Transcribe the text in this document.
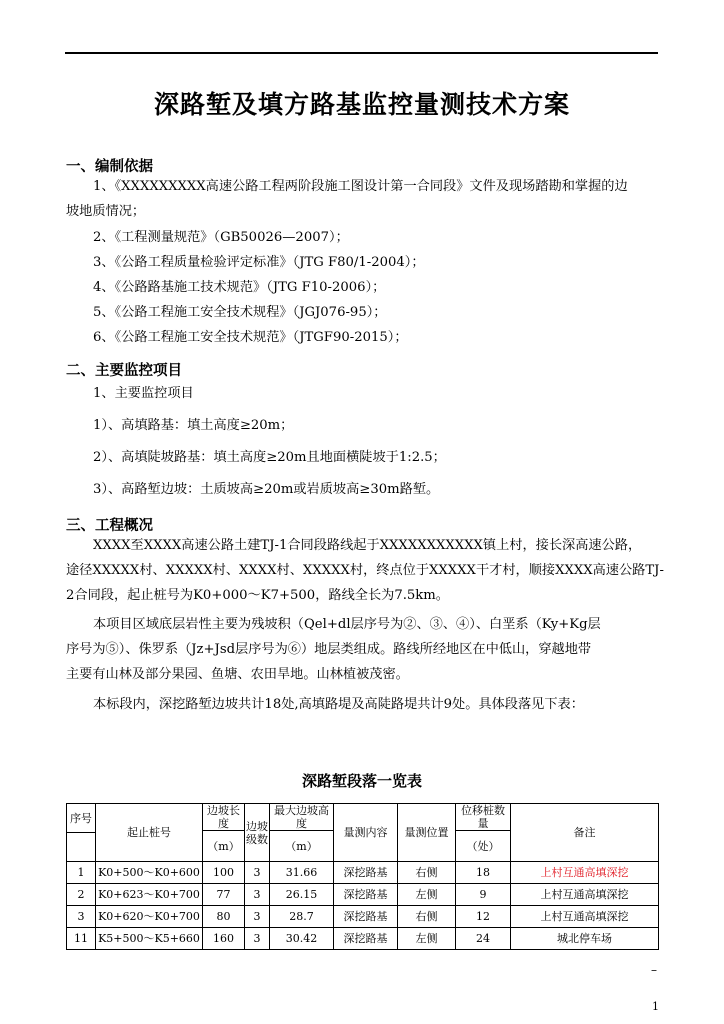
深路堑及填方路基监控量测技术方案
一、编制依据
1、《XXXXXXXXX高速公路工程两阶段施工图设计第一合同段》文件及现场踏勘和掌握的边
坡地质情况；
2、《工程测量规范》（GB50026—2007）；
3、《公路工程质量检验评定标准》（JTG F80/1-2004）；
4、《公路路基施工技术规范》（JTG F10-2006）；
5、《公路工程施工安全技术规程》（JGJ076-95）；
6、《公路工程施工安全技术规范》（JTGF90-2015）；
二、主要监控项目
1、主要监控项目
1）、高填路基：填土高度≥20m；
2）、高填陡坡路基：填土高度≥20m且地面横陡坡于1:2.5；
3）、高路堑边坡：土质坡高≥20m或岩质坡高≥30m路堑。
三、工程概况
XXXX至XXXX高速公路土建TJ-1合同段路线起于XXXXXXXXXXX镇上村，接长深高速公路，
途径XXXXX村、XXXXX村、XXXX村、XXXXX村，终点位于XXXXX干才村，顺接XXXX高速公路TJ-
2合同段，起止桩号为K0+000～K7+500，路线全长为7.5km。
本项目区域底层岩性主要为残坡积（Qel+dl层序号为②、③、④）、白垩系（Ky+Kg层
序号为⑤）、侏罗系（Jz+Jsd层序号为⑥）地层类组成。路线所经地区在中低山，穿越地带
主要有山林及部分果园、鱼塘、农田旱地。山林植被茂密。
本标段内，深挖路堑边坡共计18处,高填路堤及高陡路堤共计9处。具体段落见下表：
深路堑段落一览表
序号	起止桩号	边坡长度	边坡级数	最大边坡高度	量测内容	量测位置	位移桩数量	备注
		（m）		（m）			（处）	

1	K0+500～K0+600	100	3	31.66	深挖路基	右侧	18	上村互通高填深挖
2	K0+623～K0+700	77	3	26.15	深挖路基	左侧	9	上村互通高填深挖
3	K0+620～K0+700	80	3	28.7	深挖路基	右侧	12	上村互通高填深挖
11	K5+500～K5+660	160	3	30.42	深挖路基	左侧	24	城北停车场
–
1
